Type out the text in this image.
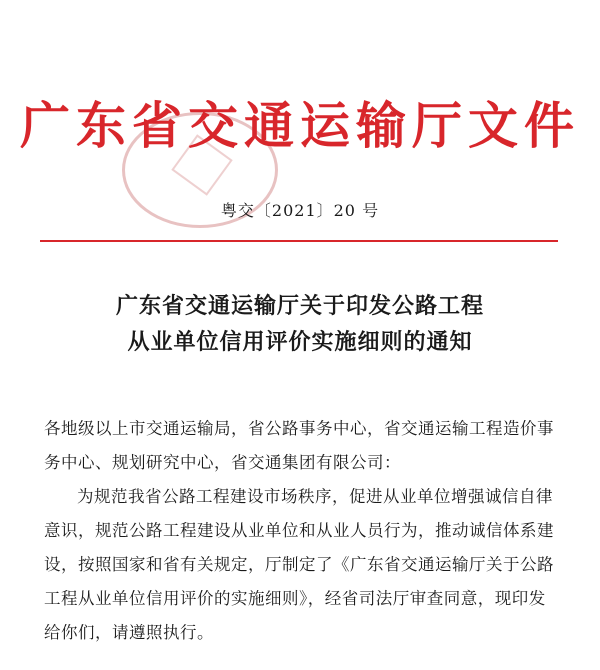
广东省交通运输厅文件
粤交〔2021〕20 号
广东省交通运输厅关于印发公路工程
从业单位信用评价实施细则的通知

各地级以上市交通运输局，省公路事务中心，省交通运输工程造价事务中心、规划研究中心，省交通集团有限公司：

为规范我省公路工程建设市场秩序，促进从业单位增强诚信自律意识，规范公路工程建设从业单位和从业人员行为，推动诚信体系建设，按照国家和省有关规定，厅制定了《广东省交通运输厅关于公路工程从业单位信用评价的实施细则》，经省司法厅审查同意，现印发给你们，请遵照执行。
